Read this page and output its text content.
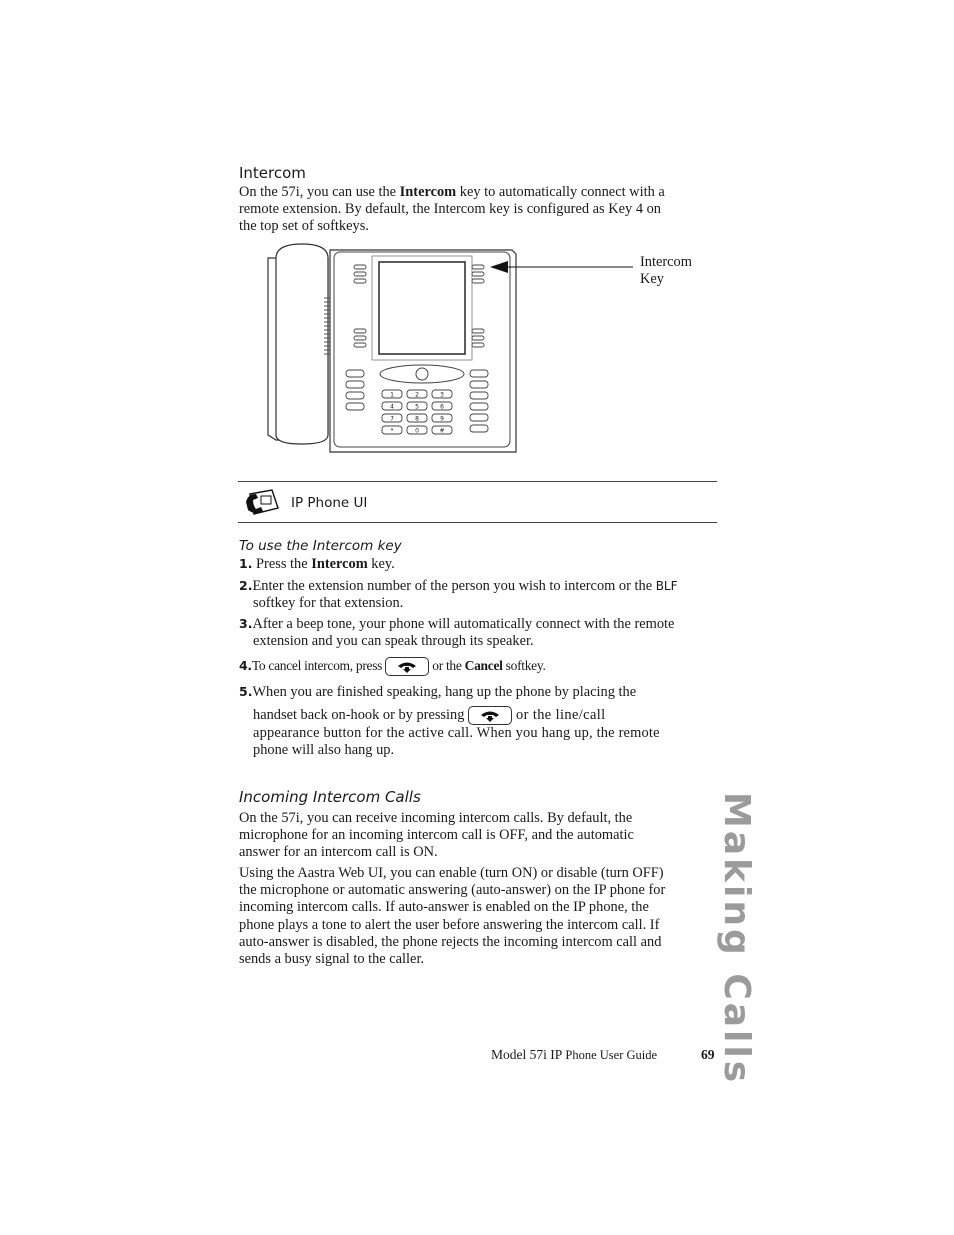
Intercom
On the 57i, you can use the Intercom key to automatically connect with a
remote extension. By default, the Intercom key is configured as Key 4 on
the top set of softkeys.
1	2	3
4	5	6
7	8	9
*	0	#
Intercom
Key
IP Phone UI
To use the Intercom key
1. Press the Intercom key.
2.Enter the extension number of the person you wish to intercom or the BLF
softkey for that extension.
3.After a beep tone, your phone will automatically connect with the remote
extension and you can speak through its speaker.
4.To cancel intercom, press	or the Cancel softkey.
5.When you are finished speaking, hang up the phone by placing the
handset back on-hook or by pressing	or the line/call
appearance button for the active call. When you hang up, the remote
phone will also hang up.
Incoming Intercom Calls
On the 57i, you can receive incoming intercom calls. By default, the
microphone for an incoming intercom call is OFF, and the automatic
answer for an intercom call is ON.
Using the Aastra Web UI, you can enable (turn ON) or disable (turn OFF)
the microphone or automatic answering (auto-answer) on the IP phone for
incoming intercom calls. If auto-answer is enabled on the IP phone, the
phone plays a tone to alert the user before answering the intercom call. If
auto-answer is disabled, the phone rejects the incoming intercom call and
sends a busy signal to the caller.	Making Calls
Model 57i IP Phone User Guide	69
